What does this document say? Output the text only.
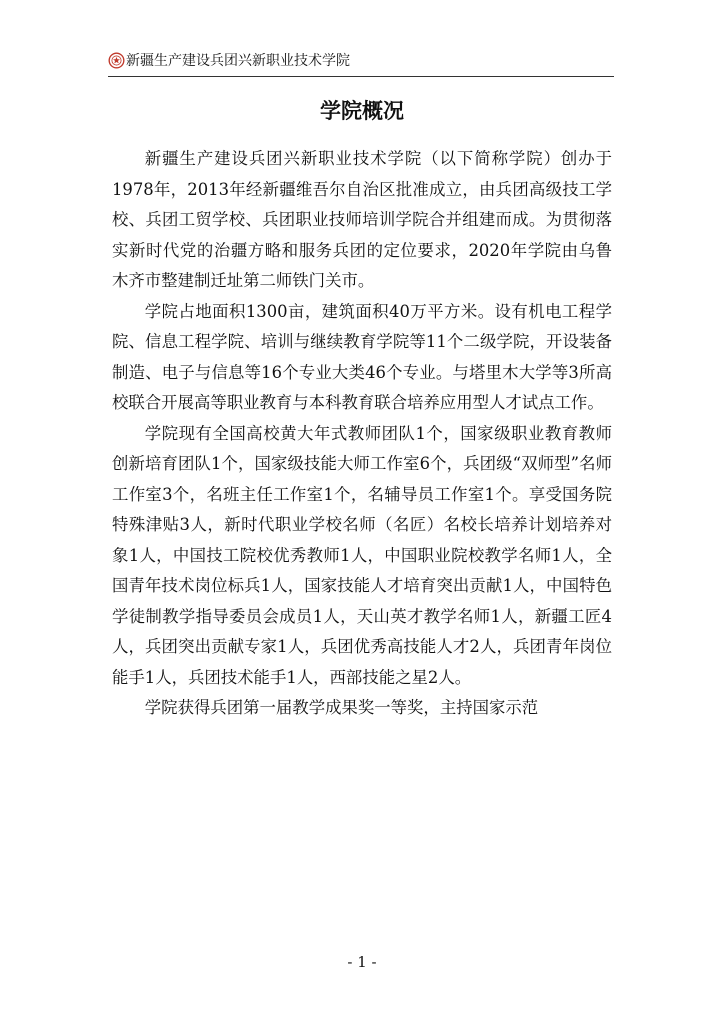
新疆生产建设兵团兴新职业技术学院
学院概况

新疆生产建设兵团兴新职业技术学院（以下简称学院）创办于1978年，2013年经新疆维吾尔自治区批准成立，由兵团高级技工学校、兵团工贸学校、兵团职业技师培训学院合并组建而成。为贯彻落实新时代党的治疆方略和服务兵团的定位要求，2020年学院由乌鲁木齐市整建制迁址第二师铁门关市。

学院占地面积1300亩，建筑面积40万平方米。设有机电工程学院、信息工程学院、培训与继续教育学院等11个二级学院，开设装备制造、电子与信息等16个专业大类46个专业。与塔里木大学等3所高校联合开展高等职业教育与本科教育联合培养应用型人才试点工作。

学院现有全国高校黄大年式教师团队1个，国家级职业教育教师创新培育团队1个，国家级技能大师工作室6个，兵团级“双师型”名师工作室3个，名班主任工作室1个，名辅导员工作室1个。享受国务院特殊津贴3人，新时代职业学校名师（名匠）名校长培养计划培养对象1人，中国技工院校优秀教师1人，中国职业院校教学名师1人，全国青年技术岗位标兵1人，国家技能人才培育突出贡献1人，中国特色学徒制教学指导委员会成员1人，天山英才教学名师1人，新疆工匠4人，兵团突出贡献专家1人，兵团优秀高技能人才2人，兵团青年岗位能手1人，兵团技术能手1人，西部技能之星2人。

学院获得兵团第一届教学成果奖一等奖，主持国家示范

- 1 -
